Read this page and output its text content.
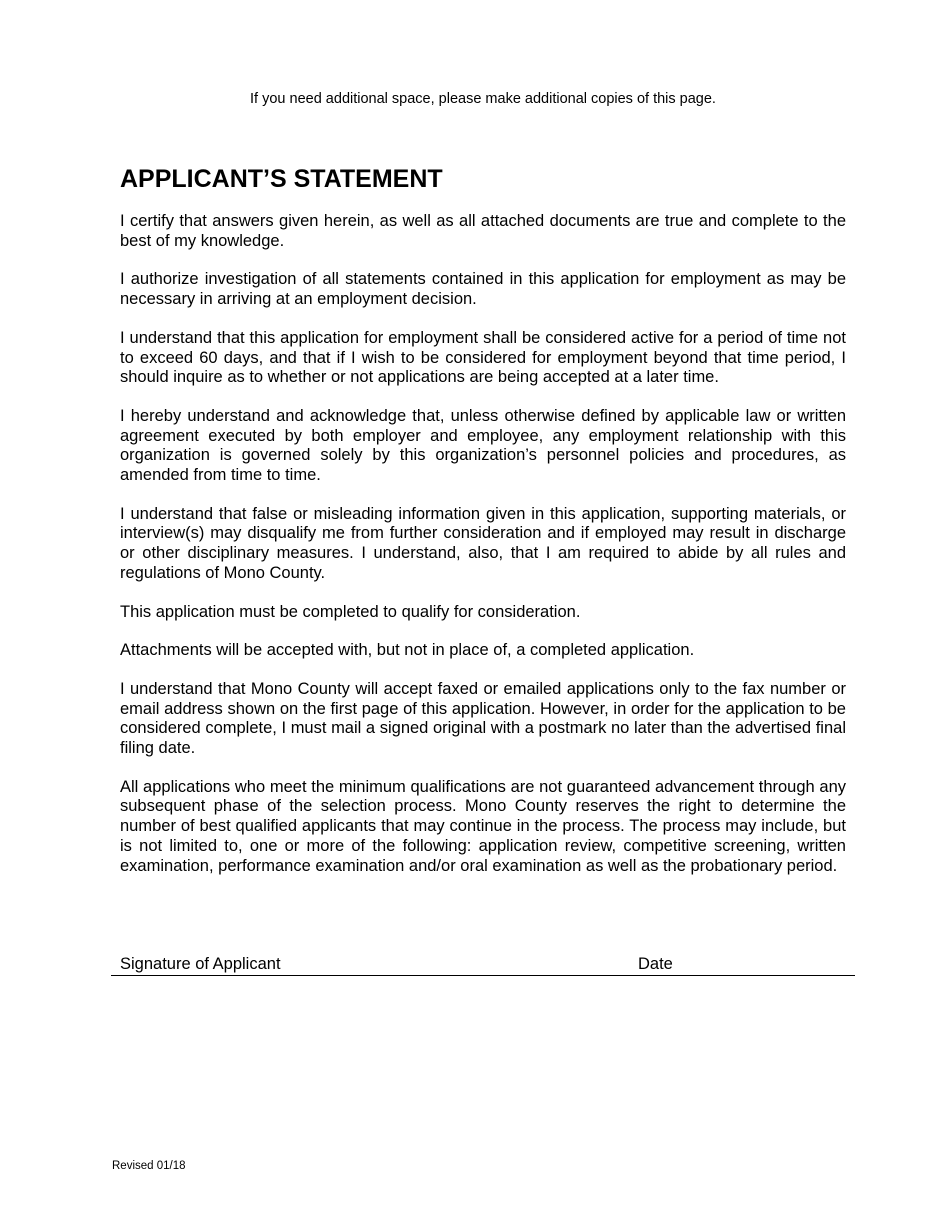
If you need additional space, please make additional copies of this page.
APPLICANT’S STATEMENT

I certify that answers given herein, as well as all attached documents are true and complete to the best of my knowledge.

I authorize investigation of all statements contained in this application for employment as may be necessary in arriving at an employment decision.

I understand that this application for employment shall be considered active for a period of time not to exceed 60 days, and that if I wish to be considered for employment beyond that time period, I should inquire as to whether or not applications are being accepted at a later time.

I hereby understand and acknowledge that, unless otherwise defined by applicable law or written agreement executed by both employer and employee, any employment relationship with this organization is governed solely by this organization’s personnel policies and procedures, as amended from time to time.

I understand that false or misleading information given in this application, supporting materials, or interview(s) may disqualify me from further consideration and if employed may result in discharge or other disciplinary measures. I understand, also, that I am required to abide by all rules and regulations of Mono County.

This application must be completed to qualify for consideration.

Attachments will be accepted with, but not in place of, a completed application.

I understand that Mono County will accept faxed or emailed applications only to the fax number or email address shown on the first page of this application. However, in order for the application to be considered complete, I must mail a signed original with a postmark no later than the advertised final filing date.

All applications who meet the minimum qualifications are not guaranteed advancement through any subsequent phase of the selection process. Mono County reserves the right to determine the number of best qualified applicants that may continue in the process. The process may include, but is not limited to, one or more of the following: application review, competitive screening, written examination, performance examination and/or oral examination as well as the probationary period.

Signature of Applicant	Date
Revised 01/18
